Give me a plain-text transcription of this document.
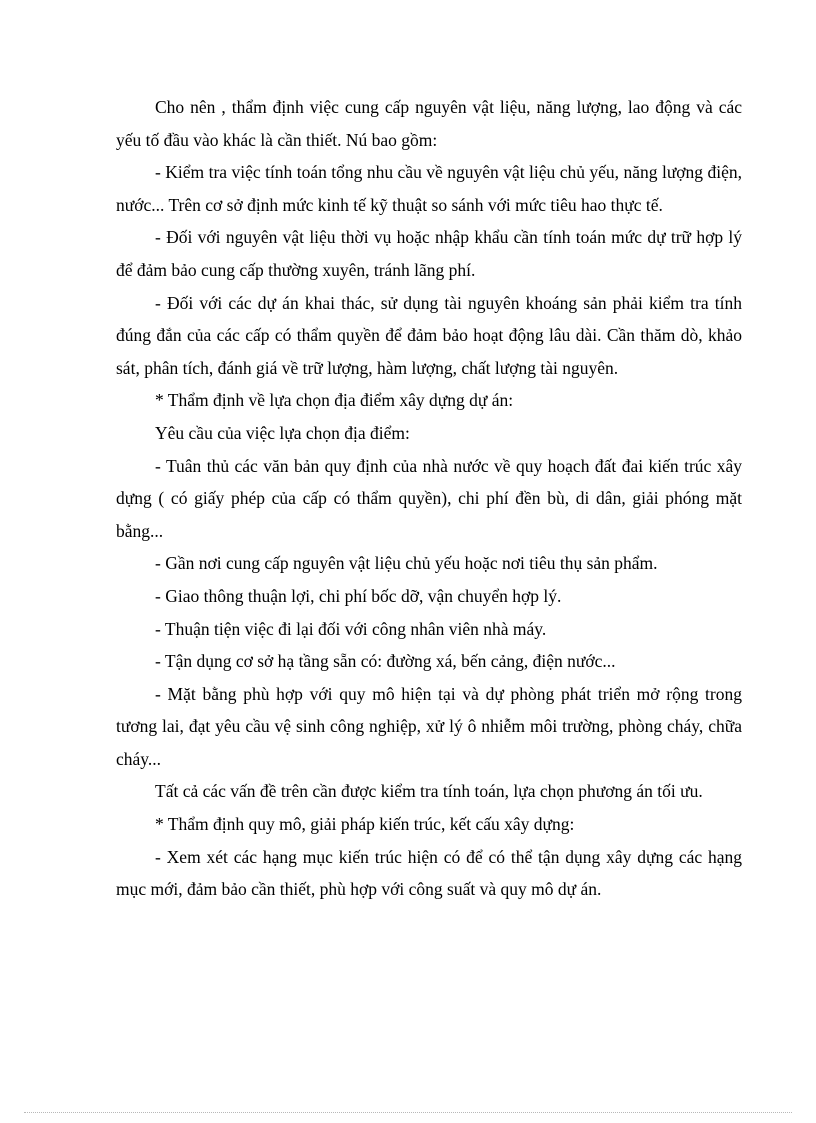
Cho nên , thẩm định việc cung cấp nguyên vật liệu, năng lượng, lao động và các yếu tố đầu vào khác là cần thiết. Nú bao gồm:

- Kiểm tra việc tính toán tổng nhu cầu về nguyên vật liệu chủ yếu, năng lượng điện, nước... Trên cơ sở định mức kinh tế kỹ thuật so sánh với mức tiêu hao thực tế.

- Đối với nguyên vật liệu thời vụ hoặc nhập khẩu cần tính toán mức dự trữ hợp lý để đảm bảo cung cấp thường xuyên, tránh lãng phí.

- Đối với các dự án khai thác, sử dụng tài nguyên khoáng sản phải kiểm tra tính đúng đắn của các cấp có thẩm quyền để đảm bảo hoạt động lâu dài. Cần thăm dò, khảo sát, phân tích, đánh giá về trữ lượng, hàm lượng, chất lượng tài nguyên.

* Thẩm định về lựa chọn địa điểm xây dựng dự án:

Yêu cầu của việc lựa chọn địa điểm:

- Tuân thủ các văn bản quy định của nhà nước về quy hoạch đất đai kiến trúc xây dựng ( có giấy phép của cấp có thẩm quyền), chi phí đền bù, di dân, giải phóng mặt bằng...

- Gần nơi cung cấp nguyên vật liệu chủ yếu hoặc nơi tiêu thụ sản phẩm.

- Giao thông thuận lợi, chi phí bốc dỡ, vận chuyển hợp lý.

- Thuận tiện việc đi lại đối với công nhân viên nhà máy.

- Tận dụng cơ sở hạ tầng sẵn có: đường xá, bến cảng, điện nước...

- Mặt bằng phù hợp với quy mô hiện tại và dự phòng phát triển mở rộng trong tương lai, đạt yêu cầu vệ sinh công nghiệp, xử lý ô nhiễm môi trường, phòng cháy, chữa cháy...

Tất cả các vấn đề trên cần được kiểm tra tính toán, lựa chọn phương án tối ưu.

* Thẩm định quy mô, giải pháp kiến trúc, kết cấu xây dựng:

- Xem xét các hạng mục kiến trúc hiện có để có thể tận dụng xây dựng các hạng mục mới, đảm bảo cần thiết, phù hợp với công suất và quy mô dự án.
